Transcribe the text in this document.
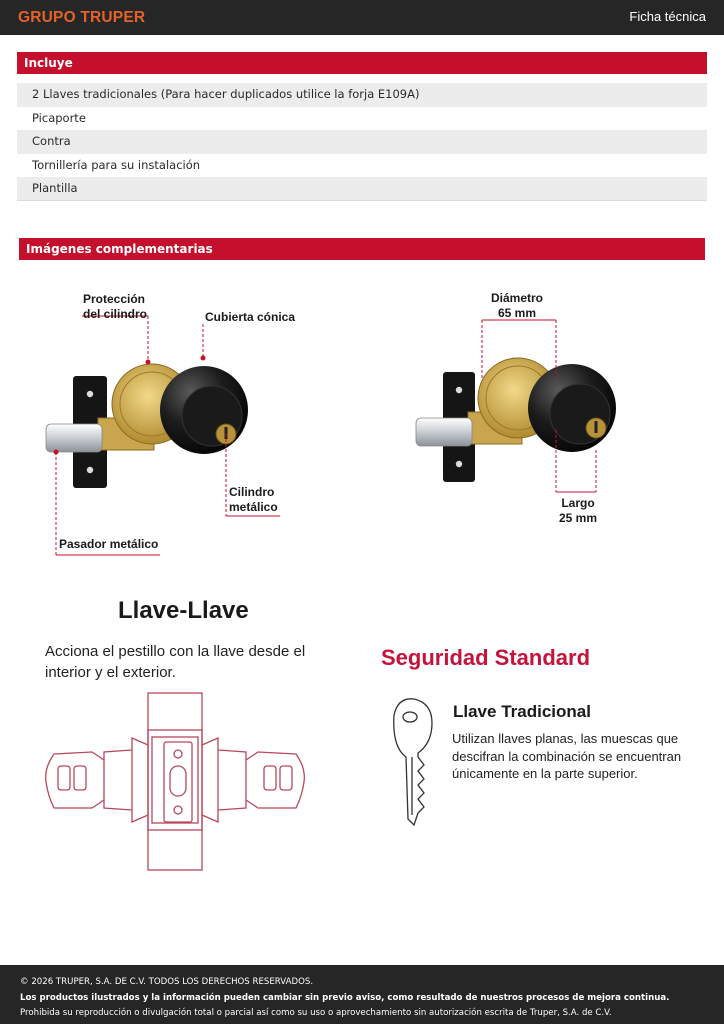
GRUPO TRUPER	Ficha técnica
Incluye
2 Llaves tradicionales (Para hacer duplicados utilice la forja E109A)
Picaporte
Contra
Tornillería para su instalación
Plantilla
Imágenes complementarias
Protección
del cilindro	Cubierta cónica
Cilindro
metálico
Pasador metálico
Diámetro
65 mm
Largo
25 mm
Llave-Llave
Acciona el pestillo con la llave desde el interior y el exterior.
Seguridad Standard
Llave Tradicional
Utilizan llaves planas, las muescas que descifran la combinación se encuentran únicamente en la parte superior.
© 2026 TRUPER, S.A. DE C.V. TODOS LOS DERECHOS RESERVADOS.
Los productos ilustrados y la información pueden cambiar sin previo aviso, como resultado de nuestros procesos de mejora continua.
Prohibida su reproducción o divulgación total o parcial así como su uso o aprovechamiento sin autorización escrita de Truper, S.A. de C.V.
